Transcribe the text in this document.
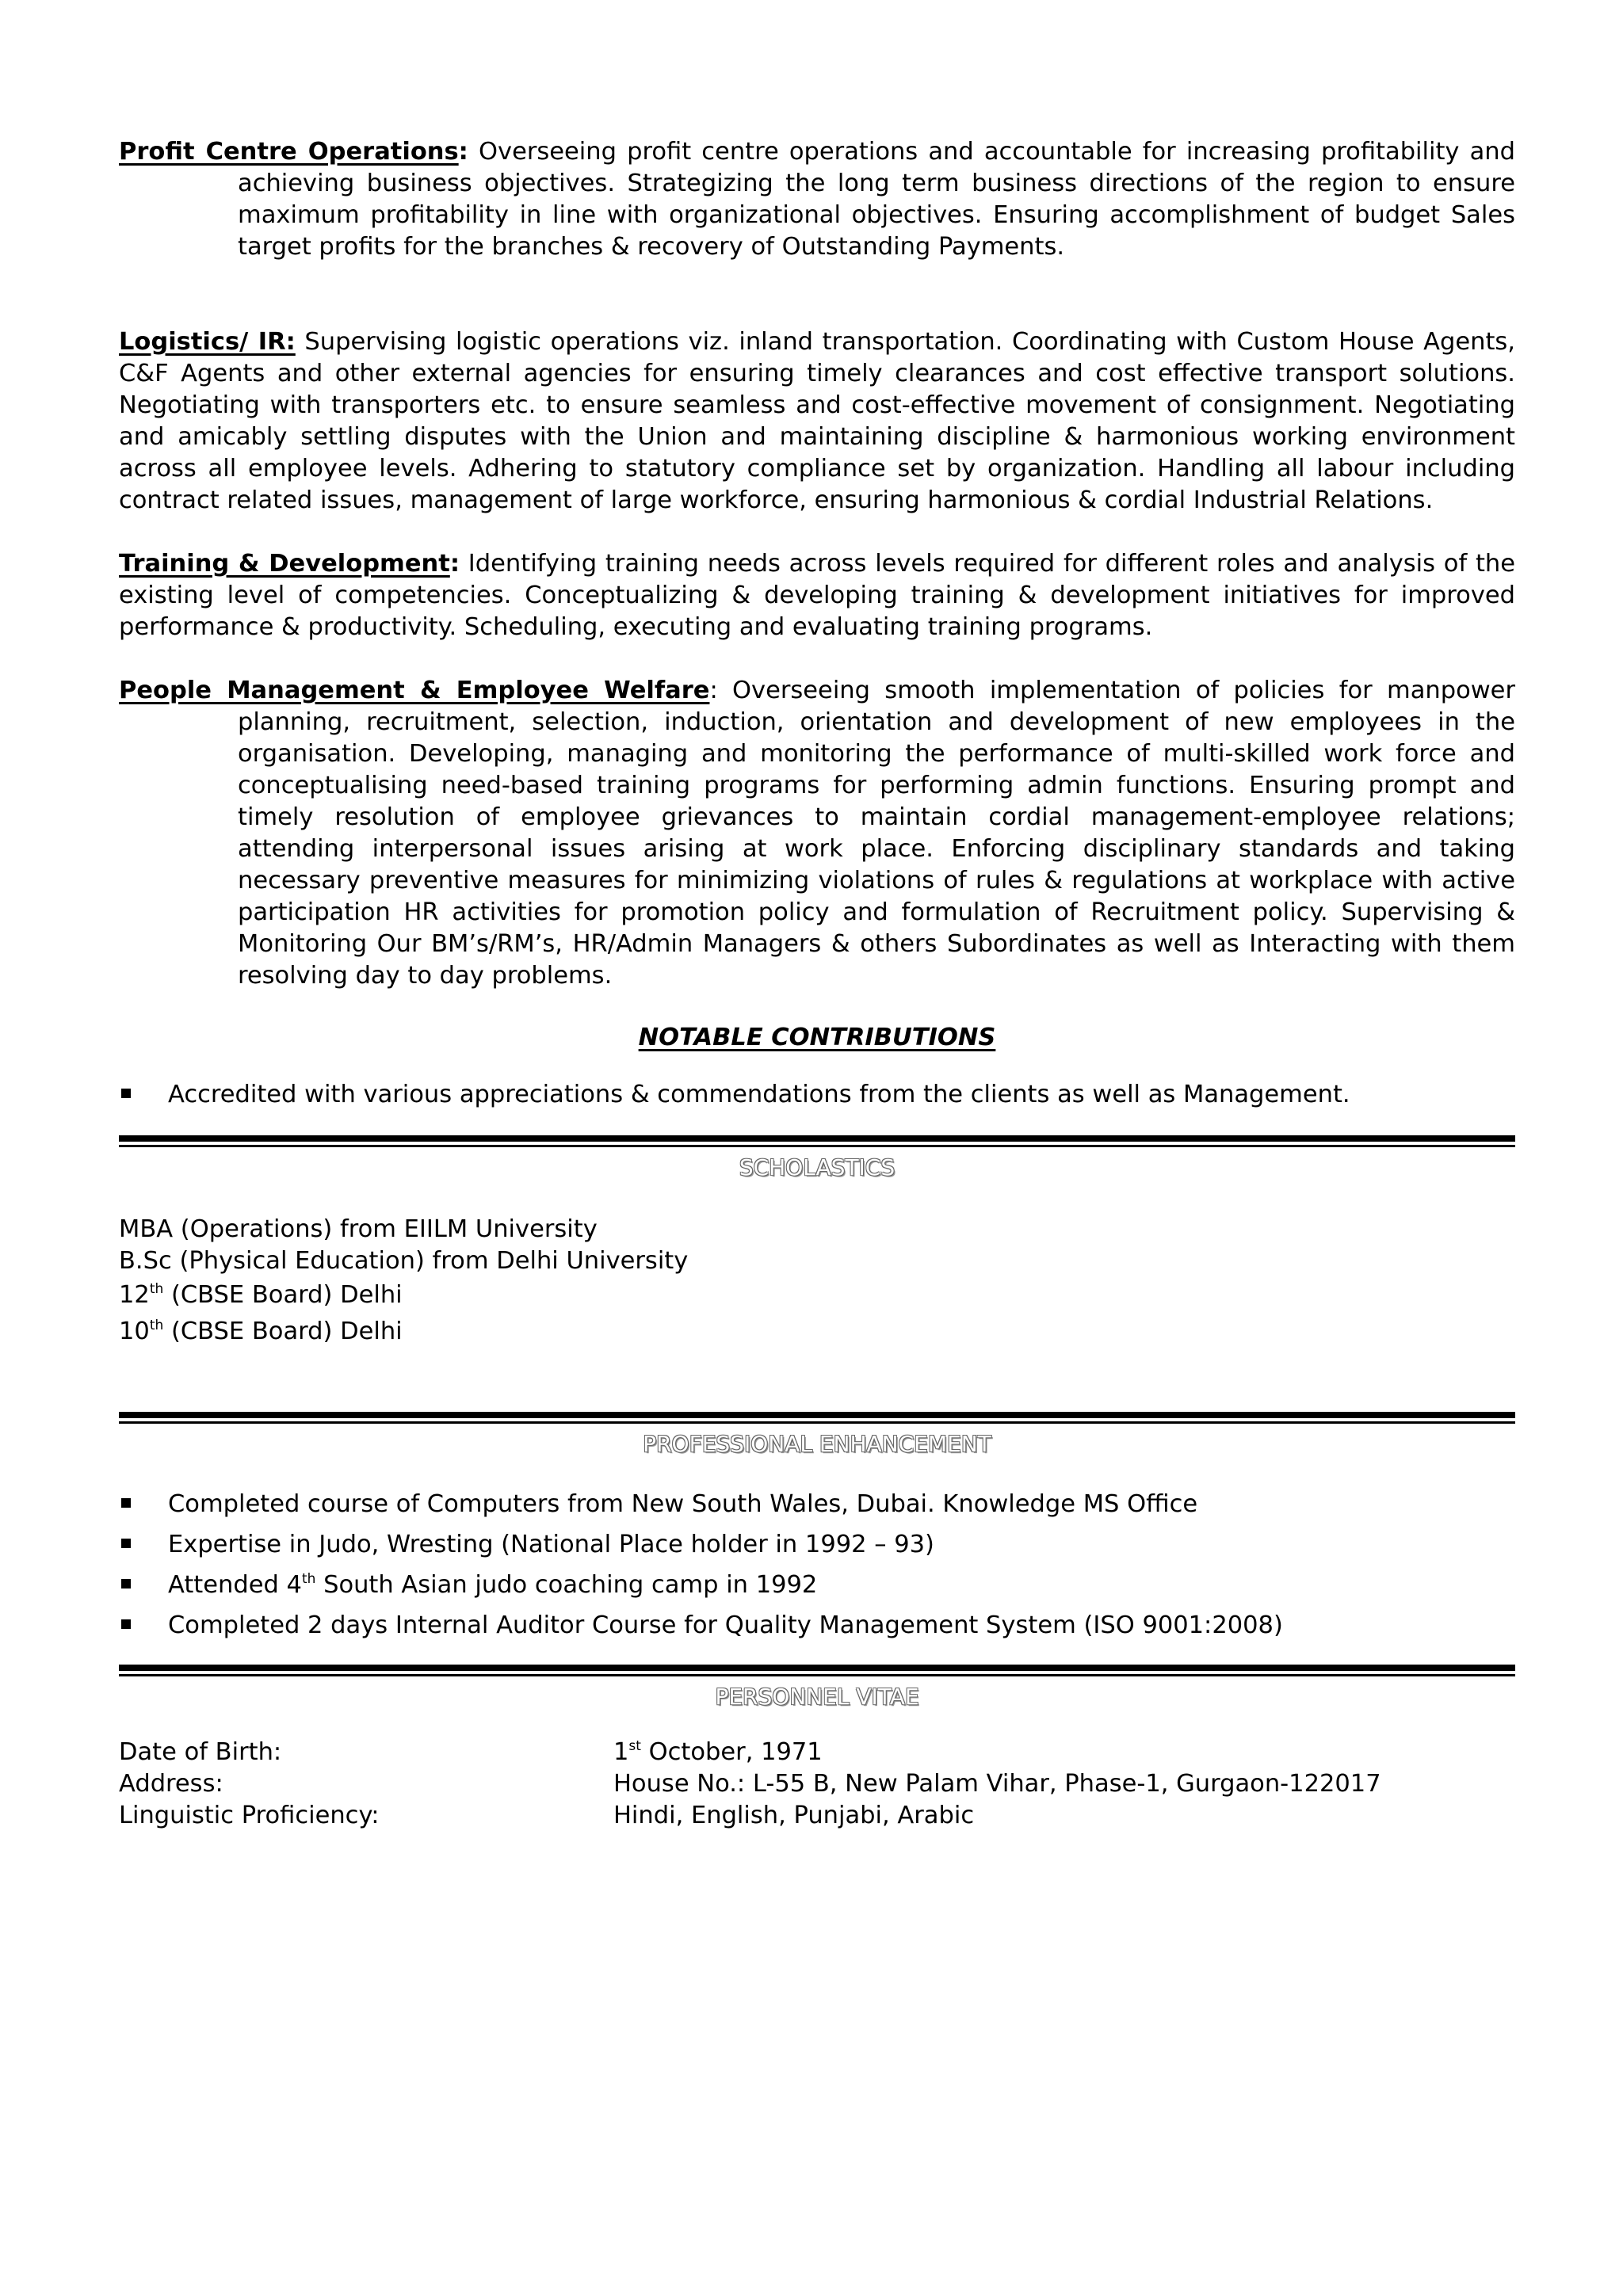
Profit Centre Operations: Overseeing profit centre operations and accountable for increasing profitability and achieving business objectives. Strategizing the long term business directions of the region to ensure maximum profitability in line with organizational objectives. Ensuring accomplishment of budget Sales target profits for the branches & recovery of Outstanding Payments.

Logistics/ IR: Supervising logistic operations viz. inland transportation. Coordinating with Custom House Agents, C&F Agents and other external agencies for ensuring timely clearances and cost effective transport solutions. Negotiating with transporters etc. to ensure seamless and cost-effective movement of consignment. Negotiating and amicably settling disputes with the Union and maintaining discipline & harmonious working environment across all employee levels. Adhering to statutory compliance set by organization. Handling all labour including contract related issues, management of large workforce, ensuring harmonious & cordial Industrial Relations.

Training & Development: Identifying training needs across levels required for different roles and analysis of the existing level of competencies. Conceptualizing & developing training & development initiatives for improved performance & productivity. Scheduling, executing and evaluating training programs.

People Management & Employee Welfare: Overseeing smooth implementation of policies for manpower planning, recruitment, selection, induction, orientation and development of new employees in the organisation. Developing, managing and monitoring the performance of multi-skilled work force and conceptualising need-based training programs for performing admin functions. Ensuring prompt and timely resolution of employee grievances to maintain cordial management-employee relations; attending interpersonal issues arising at work place. Enforcing disciplinary standards and taking necessary preventive measures for minimizing violations of rules & regulations at workplace with active participation HR activities for promotion policy and formulation of Recruitment policy. Supervising & Monitoring Our BM’s/RM’s, HR/Admin Managers & others Subordinates as well as Interacting with them resolving day to day problems.

NOTABLE CONTRIBUTIONS

Accredited with various appreciations & commendations from the clients as well as Management.
SCHOLASTICS
MBA (Operations) from EIILM University
B.Sc (Physical Education) from Delhi University
12th (CBSE Board) Delhi
10th (CBSE Board) Delhi
PROFESSIONAL ENHANCEMENT
Completed course of Computers from New South Wales, Dubai. Knowledge MS Office
Expertise in Judo, Wresting (National Place holder in 1992 – 93)
Attended 4th South Asian judo coaching camp in 1992
Completed 2 days Internal Auditor Course for Quality Management System (ISO 9001:2008)
PERSONNEL VITAE
Date of Birth:	1st October, 1971
Address:	House No.: L-55 B, New Palam Vihar, Phase-1, Gurgaon-122017
Linguistic Proficiency:	Hindi, English, Punjabi, Arabic
